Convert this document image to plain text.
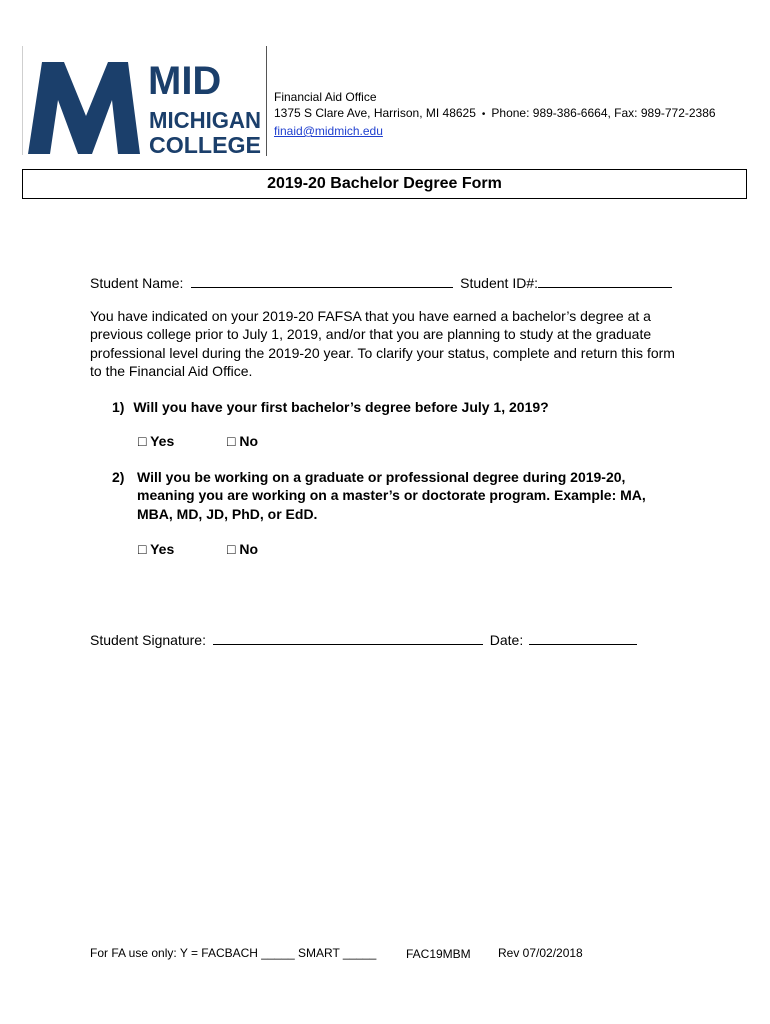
MID
MICHIGAN
COLLEGE
Financial Aid Office
1375 S Clare Ave, Harrison, MI 48625 • Phone: 989-386-6664, Fax: 989-772-2386
finaid@midmich.edu
2019-20 Bachelor Degree Form
Student Name:	Student ID#:
You have indicated on your 2019-20 FAFSA that you have earned a bachelor’s degree at a previous college prior to July 1, 2019, and/or that you are planning to study at the graduate professional level during the 2019-20 year. To clarify your status, complete and return this form to the Financial Aid Office.
1) Will you have your first bachelor’s degree before July 1, 2019?
□ Yes	□ No
2) Will you be working on a graduate or professional degree during 2019-20, meaning you are working on a master’s or doctorate program. Example: MA, MBA, MD, JD, PhD, or EdD.
□ Yes	□ No
Student Signature:	Date:
For FA use only: Y = FACBACH _____ SMART _____ FAC19MBM Rev 07/02/2018
